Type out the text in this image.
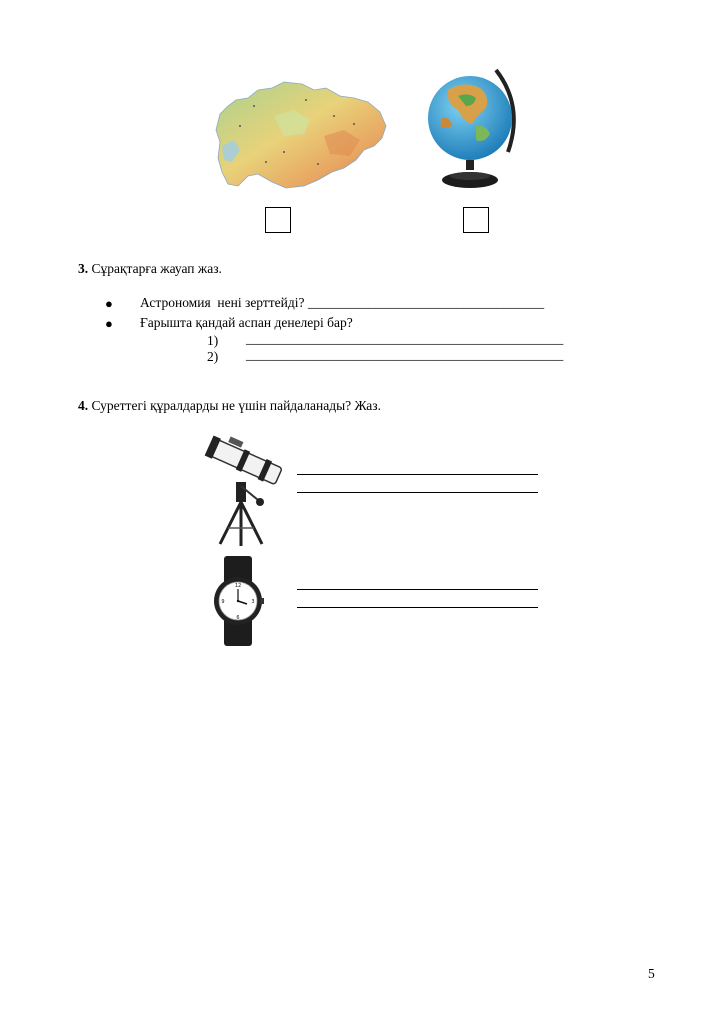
3. Сұрақтарға жауап жаз.
● Астрономия  нені зерттейді? ___________________________________
● Ғарышта қандай аспан денелері бар?
1) _______________________________________________
2) _______________________________________________
4. Суреттегі құралдарды не үшін пайдаланады? Жаз.
12
6
3
9
5
